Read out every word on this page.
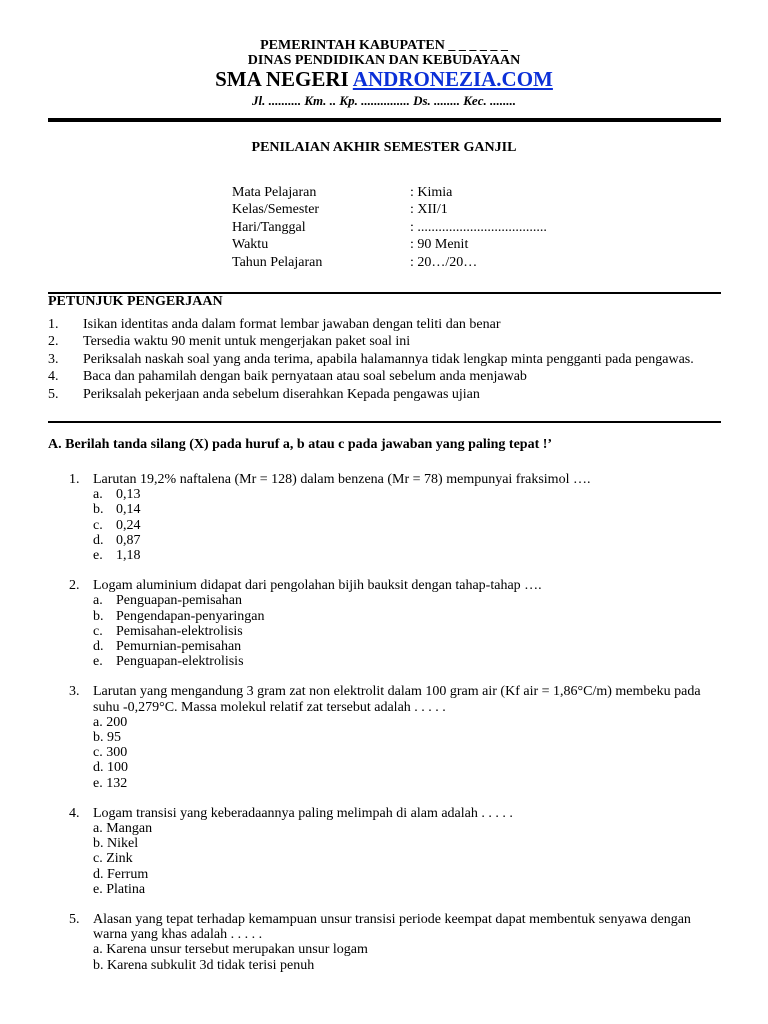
PEMERINTAH KABUPATEN _ _ _ _ _ _
DINAS PENDIDIKAN DAN KEBUDAYAAN
SMA NEGERI ANDRONEZIA.COM
Jl. .......... Km. .. Kp. ............... Ds. ........ Kec. ........
PENILAIAN AKHIR SEMESTER GANJIL
Mata Pelajaran	: Kimia
Kelas/Semester	: XII/1
Hari/Tanggal	: .....................................
Waktu	: 90 Menit
Tahun Pelajaran	: 20…/20…
PETUNJUK PENGERJAAN
1.	Isikan identitas anda dalam format lembar jawaban dengan teliti dan benar
2.	Tersedia waktu 90 menit untuk mengerjakan paket soal ini
3.	Periksalah naskah soal yang anda terima, apabila halamannya tidak lengkap minta pengganti pada pengawas.
4.	Baca dan pahamilah dengan baik pernyataan atau soal sebelum anda menjawab
5.	Periksalah pekerjaan anda sebelum diserahkan Kepada pengawas ujian
A. Berilah tanda silang (X) pada huruf a, b atau c pada jawaban yang paling tepat !’
1. Larutan 19,2% naftalena (Mr = 128) dalam benzena (Mr = 78) mempunyai fraksimol ….
a. 0,13
b. 0,14
c. 0,24
d. 0,87
e. 1,18
2. Logam aluminium didapat dari pengolahan bijih bauksit dengan tahap-tahap ….
a. Penguapan-pemisahan
b. Pengendapan-penyaringan
c. Pemisahan-elektrolisis
d. Pemurnian-pemisahan
e. Penguapan-elektrolisis
3. Larutan yang mengandung 3 gram zat non elektrolit dalam 100 gram air (Kf air = 1,86°C/m) membeku pada suhu -0,279°C. Massa molekul relatif zat tersebut adalah . . . . .
a. 200
b. 95
c. 300
d. 100
e. 132
4. Logam transisi yang keberadaannya paling melimpah di alam adalah . . . . .
a. Mangan
b. Nikel
c. Zink
d. Ferrum
e. Platina
5. Alasan yang tepat terhadap kemampuan unsur transisi periode keempat dapat membentuk senyawa dengan warna yang khas adalah . . . . .
a. Karena unsur tersebut merupakan unsur logam
b. Karena subkulit 3d tidak terisi penuh
